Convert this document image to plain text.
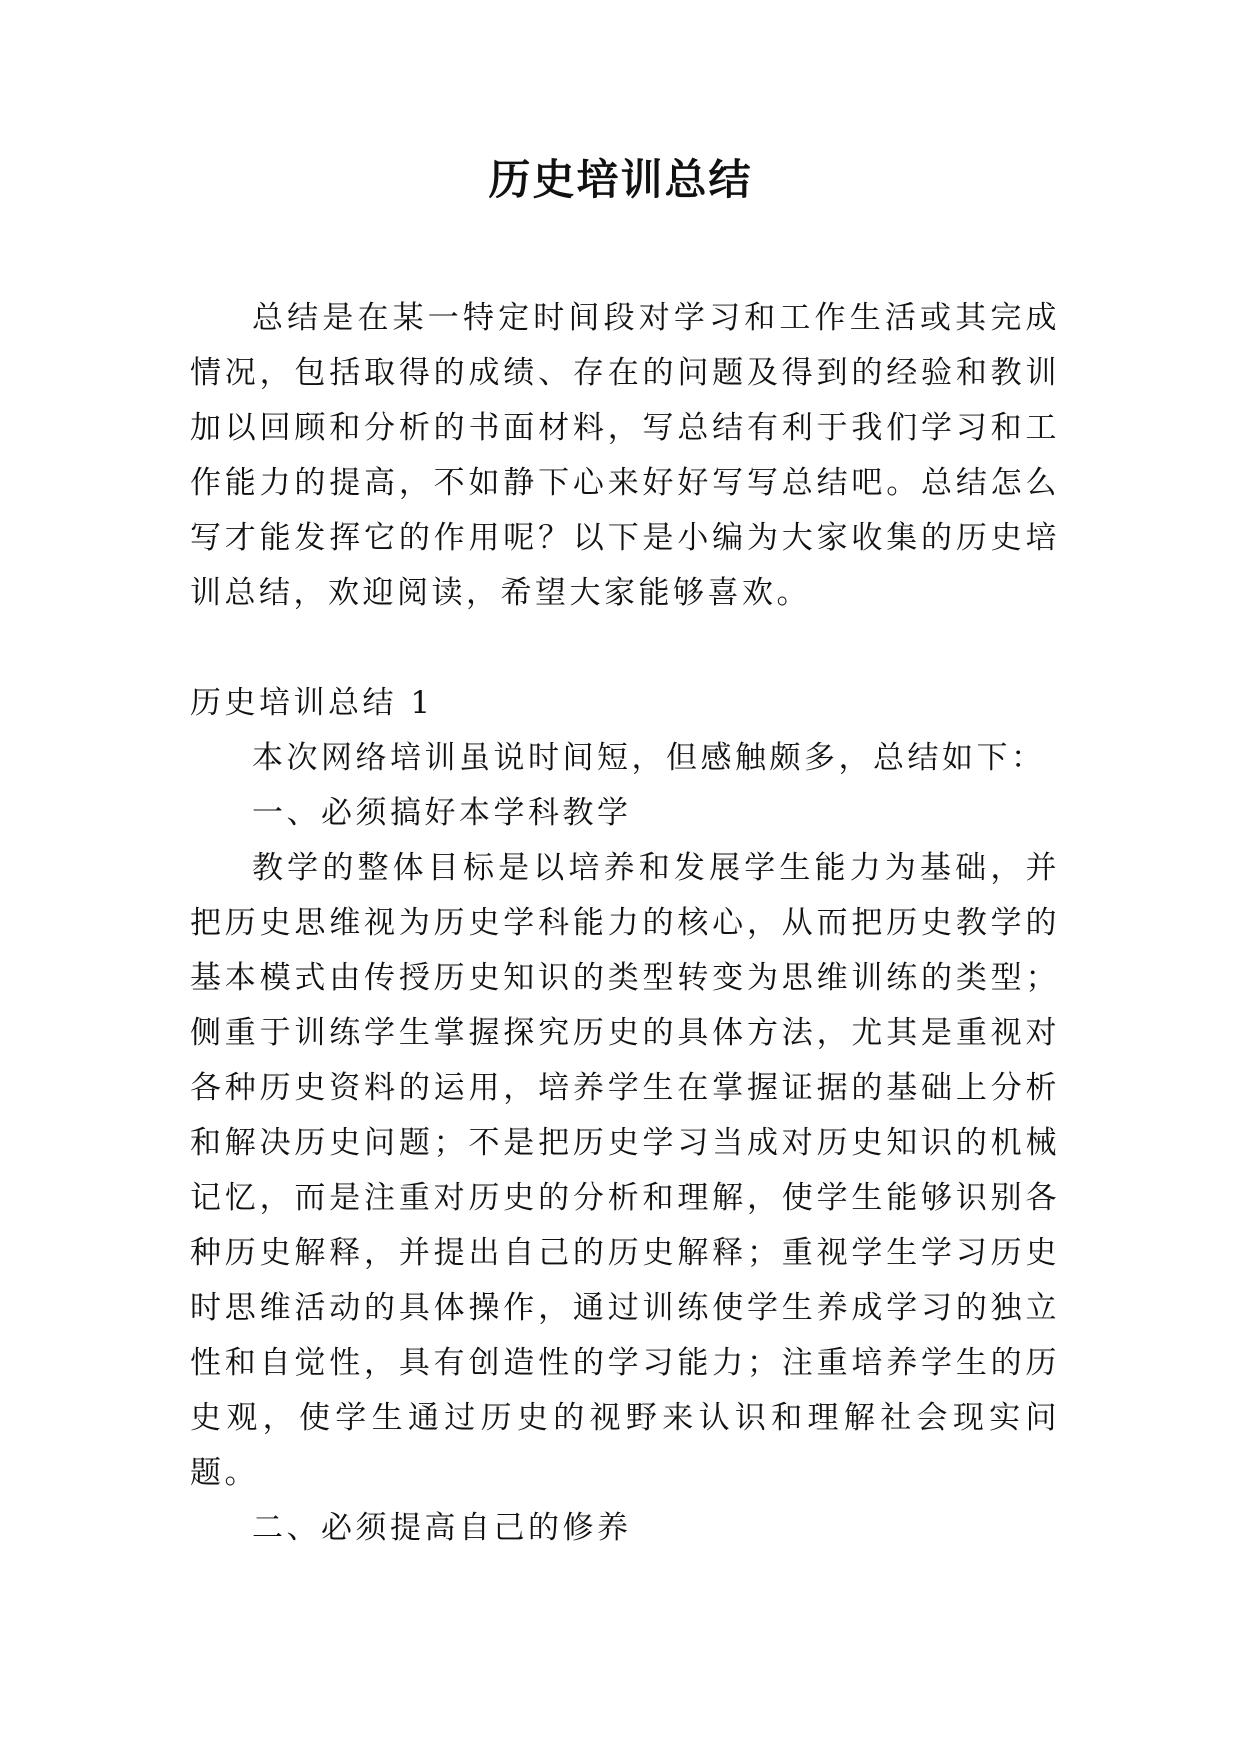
历史培训总结

总结是在某一特定时间段对学习和工作生活或其完成情况，包括取得的成绩、存在的问题及得到的经验和教训加以回顾和分析的书面材料，写总结有利于我们学习和工作能力的提高，不如静下心来好好写写总结吧。总结怎么写才能发挥它的作用呢？以下是小编为大家收集的历史培训总结，欢迎阅读，希望大家能够喜欢。

历史培训总结 1

本次网络培训虽说时间短，但感触颇多，总结如下：

一、必须搞好本学科教学

教学的整体目标是以培养和发展学生能力为基础，并把历史思维视为历史学科能力的核心，从而把历史教学的基本模式由传授历史知识的类型转变为思维训练的类型；侧重于训练学生掌握探究历史的具体方法，尤其是重视对各种历史资料的运用，培养学生在掌握证据的基础上分析和解决历史问题；不是把历史学习当成对历史知识的机械记忆，而是注重对历史的分析和理解，使学生能够识别各种历史解释，并提出自己的历史解释；重视学生学习历史时思维活动的具体操作，通过训练使学生养成学习的独立性和自觉性，具有创造性的学习能力；注重培养学生的历史观，使学生通过历史的视野来认识和理解社会现实问题。

二、必须提高自己的修养
